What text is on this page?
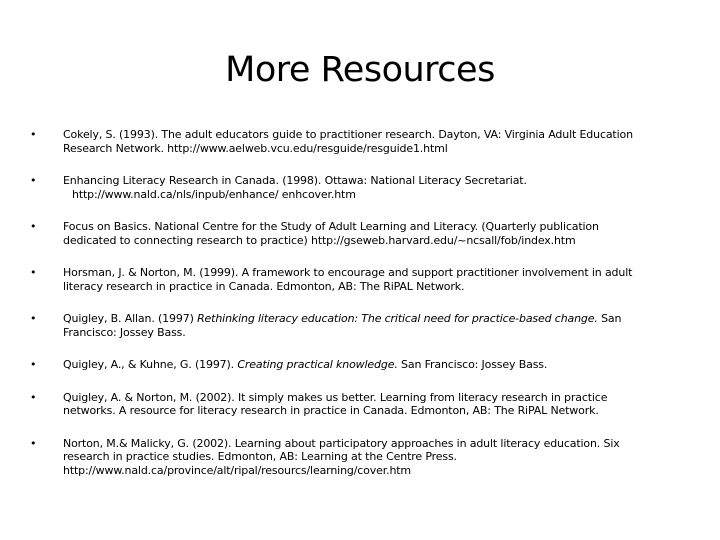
More Resources
• Cokely, S. (1993). The adult educators guide to practitioner research. Dayton, VA: Virginia Adult Education
Research Network. http://www.aelweb.vcu.edu/resguide/resguide1.html
• Enhancing Literacy Research in Canada. (1998). Ottawa: National Literacy Secretariat.
http://www.nald.ca/nls/inpub/enhance/ enhcover.htm
• Focus on Basics. National Centre for the Study of Adult Learning and Literacy. (Quarterly publication
dedicated to connecting research to practice) http://gseweb.harvard.edu/~ncsall/fob/index.htm
• Horsman, J. & Norton, M. (1999). A framework to encourage and support practitioner involvement in adult
literacy research in practice in Canada. Edmonton, AB: The RiPAL Network.
• Quigley, B. Allan. (1997) Rethinking literacy education: The critical need for practice-based change. San
Francisco: Jossey Bass.
• Quigley, A., & Kuhne, G. (1997). Creating practical knowledge. San Francisco: Jossey Bass.
• Quigley, A. & Norton, M. (2002). It simply makes us better. Learning from literacy research in practice
networks. A resource for literacy research in practice in Canada. Edmonton, AB: The RiPAL Network.
• Norton, M.& Malicky, G. (2002). Learning about participatory approaches in adult literacy education. Six
research in practice studies. Edmonton, AB: Learning at the Centre Press.
http://www.nald.ca/province/alt/ripal/resourcs/learning/cover.htm
